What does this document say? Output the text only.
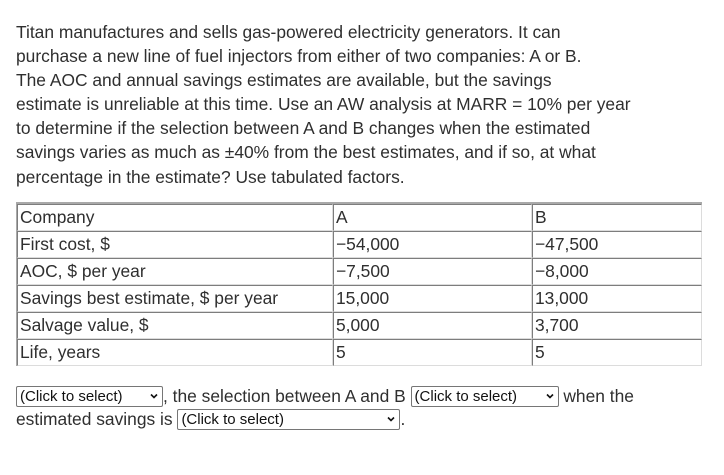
Titan manufactures and sells gas-powered electricity generators. It can
purchase a new line of fuel injectors from either of two companies: A or B.
The AOC and annual savings estimates are available, but the savings
estimate is unreliable at this time. Use an AW analysis at MARR = 10% per year
to determine if the selection between A and B changes when the estimated
savings varies as much as ±40% from the best estimates, and if so, at what
percentage in the estimate? Use tabulated factors.
Company	A	B
First cost, $	−54,000	−47,500
AOC, $ per year	−7,500	−8,000
Savings best estimate, $ per year	15,000	13,000
Salvage value, $	5,000	3,700
Life, years	5	5
(Click to select) , the selection between A and B (Click to select)	when the
estimated savings is (Click to select)	.
